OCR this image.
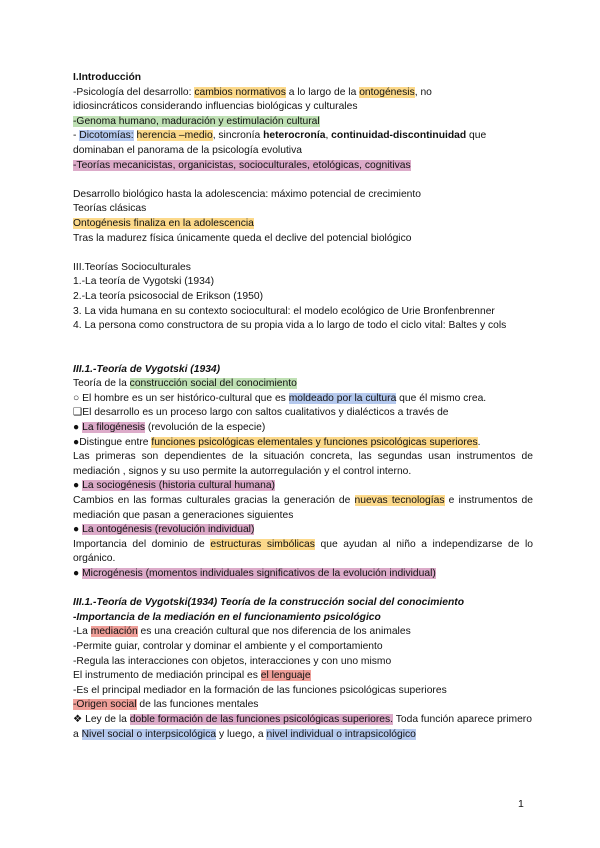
I.Introducción
-Psicología del desarrollo: cambios normativos a lo largo de la ontogénesis, no
idiosincráticos considerando influencias biológicas y culturales
-Genoma humano, maduración y estimulación cultural
- Dicotomías: herencia –medio, sincronía heterocronía, continuidad-discontinuidad que
dominaban el panorama de la psicología evolutiva
-Teorías mecanicistas, organicistas, socioculturales, etológicas, cognitivas
Desarrollo biológico hasta la adolescencia: máximo potencial de crecimiento
Teorías clásicas
Ontogénesis finaliza en la adolescencia
Tras la madurez física únicamente queda el declive del potencial biológico
III.Teorías Socioculturales
1.-La teoría de Vygotski (1934)
2.-La teoría psicosocial de Erikson (1950)
3. La vida humana en su contexto sociocultural: el modelo ecológico de Urie Bronfenbrenner
4. La persona como constructora de su propia vida a lo largo de todo el ciclo vital: Baltes y cols
III.1.-Teoría de Vygotski (1934)
Teoría de la construcción social del conocimiento
○ El hombre es un ser histórico-cultural que es moldeado por la cultura que él mismo crea.
❑El desarrollo es un proceso largo con saltos cualitativos y dialécticos a través de
● La filogénesis (revolución de la especie)
●Distingue entre funciones psicológicas elementales y funciones psicológicas superiores.
Las primeras son dependientes de la situación concreta, las segundas usan instrumentos de mediación , signos y su uso permite la autorregulación y el control interno.
● La sociogénesis (historia cultural humana)
Cambios en las formas culturales gracias la generación de nuevas tecnologías e instrumentos de mediación que pasan a generaciones siguientes
● La ontogénesis (revolución individual)
Importancia del dominio de estructuras simbólicas que ayudan al niño a independizarse de lo orgánico.
● Microgénesis (momentos individuales significativos de la evolución individual)
III.1.-Teoría de Vygotski(1934) Teoría de la construcción social del conocimiento
-Importancia de la mediación en el funcionamiento psicológico
-La mediación es una creación cultural que nos diferencia de los animales
-Permite guiar, controlar y dominar el ambiente y el comportamiento
-Regula las interacciones con objetos, interacciones y con uno mismo
El instrumento de mediación principal es el lenguaje
-Es el principal mediador en la formación de las funciones psicológicas superiores
-Origen social de las funciones mentales
❖ Ley de la doble formación de las funciones psicológicas superiores. Toda función aparece primero a Nivel social o interpsicológica y luego, a nivel individual o intrapsicológico
1
